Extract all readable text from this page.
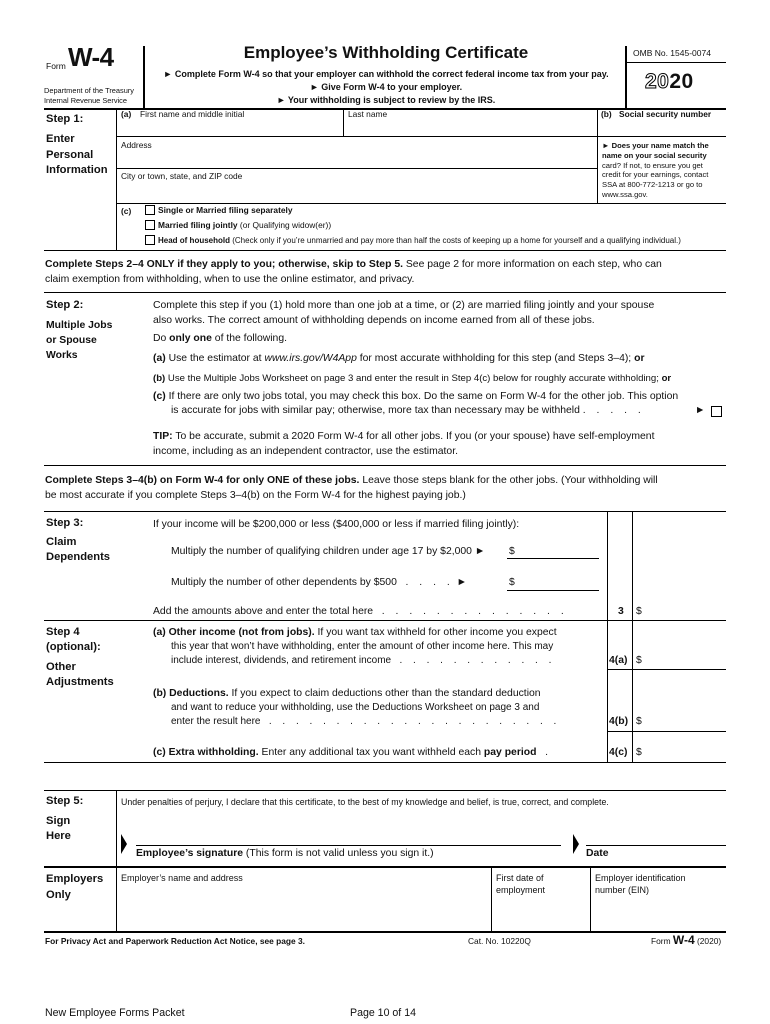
Form W-4
Department of the Treasury
Internal Revenue Service
Employee’s Withholding Certificate
► Complete Form W-4 so that your employer can withhold the correct federal income tax from your pay.
► Give Form W-4 to your employer.
► Your withholding is subject to review by the IRS.
OMB No. 1545-0074
2020
Step 1:
Enter
Personal
Information
(a) First name and middle initial	Last name	(b) Social security number
Address
City or town, state, and ZIP code
► Does your name match the
name on your social security
card? If not, to ensure you get
credit for your earnings, contact
SSA at 800-772-1213 or go to
www.ssa.gov.
(c)	Single or Married filing separately
Married filing jointly (or Qualifying widow(er))
Head of household (Check only if you’re unmarried and pay more than half the costs of keeping up a home for yourself and a qualifying individual.)
Complete Steps 2–4 ONLY if they apply to you; otherwise, skip to Step 5. See page 2 for more information on each step, who can
claim exemption from withholding, when to use the online estimator, and privacy.
Step 2:
Multiple Jobs
or Spouse
Works
Complete this step if you (1) hold more than one job at a time, or (2) are married filing jointly and your spouse
also works. The correct amount of withholding depends on income earned from all of these jobs.
Do only one of the following.
(a) Use the estimator at www.irs.gov/W4App for most accurate withholding for this step (and Steps 3–4); or
(b) Use the Multiple Jobs Worksheet on page 3 and enter the result in Step 4(c) below for roughly accurate withholding; or
(c) If there are only two jobs total, you may check this box. Do the same on Form W-4 for the other job. This option
is accurate for jobs with similar pay; otherwise, more tax than necessary may be withheld . . . . .	►
TIP: To be accurate, submit a 2020 Form W-4 for all other jobs. If you (or your spouse) have self-employment
income, including as an independent contractor, use the estimator.
Complete Steps 3–4(b) on Form W-4 for only ONE of these jobs. Leave those steps blank for the other jobs. (Your withholding will
be most accurate if you complete Steps 3–4(b) on the Form W-4 for the highest paying job.)
Step 3:
Claim
Dependents
If your income will be $200,000 or less ($400,000 or less if married filing jointly):
Multiply the number of qualifying children under age 17 by $2,000 ► $
Multiply the number of other dependents by $500 . . . . ►	$
Add the amounts above and enter the total here . . . . . . . . . . . . . .	3 $
Step 4
(optional):
Other
Adjustments
(a) Other income (not from jobs). If you want tax withheld for other income you expect
this year that won’t have withholding, enter the amount of other income here. This may
include interest, dividends, and retirement income . . . . . . . . . . . .	4(a) $
(b) Deductions. If you expect to claim deductions other than the standard deduction
and want to reduce your withholding, use the Deductions Worksheet on page 3 and
enter the result here . . . . . . . . . . . . . . . . . . . . . .	4(b) $
(c) Extra withholding. Enter any additional tax you want withheld each pay period .	4(c) $
Step 5:
Sign
Here
Under penalties of perjury, I declare that this certificate, to the best of my knowledge and belief, is true, correct, and complete.
Employee’s signature (This form is not valid unless you sign it.)	Date
Employers
Only
Employer’s name and address	First date of
employment
Employer identification
number (EIN)
For Privacy Act and Paperwork Reduction Act Notice, see page 3.	Cat. No. 10220Q	Form W-4 (2020)
New Employee Forms Packet	Page 10 of 14
